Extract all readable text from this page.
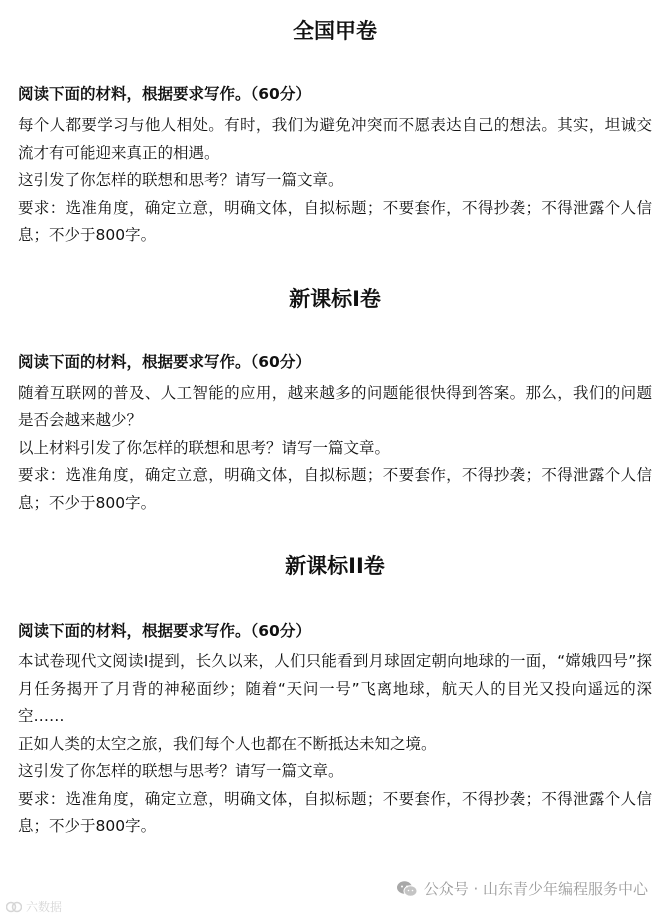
全国甲卷

阅读下面的材料，根据要求写作。（60分）

每个人都要学习与他人相处。有时，我们为避免冲突而不愿表达自己的想法。其实，坦诚交流才有可能迎来真正的相遇。

这引发了你怎样的联想和思考？请写一篇文章。

要求：选准角度，确定立意，明确文体，自拟标题；不要套作，不得抄袭；不得泄露个人信息；不少于800字。

新课标I卷

阅读下面的材料，根据要求写作。（60分）

随着互联网的普及、人工智能的应用，越来越多的问题能很快得到答案。那么，我们的问题是否会越来越少？

以上材料引发了你怎样的联想和思考？请写一篇文章。

要求：选准角度，确定立意，明确文体，自拟标题；不要套作，不得抄袭；不得泄露个人信息；不少于800字。

新课标II卷

阅读下面的材料，根据要求写作。（60分）

本试卷现代文阅读I提到，长久以来，人们只能看到月球固定朝向地球的一面，“嫦娥四号”探月任务揭开了月背的神秘面纱；随着“天问一号”飞离地球，航天人的目光又投向遥远的深空……

正如人类的太空之旅，我们每个人也都在不断抵达未知之境。

这引发了你怎样的联想与思考？请写一篇文章。

要求：选准角度，确定立意，明确文体，自拟标题；不要套作，不得抄袭；不得泄露个人信息；不少于800字。

六数据
公众号 · 山东青少年编程服务中心
